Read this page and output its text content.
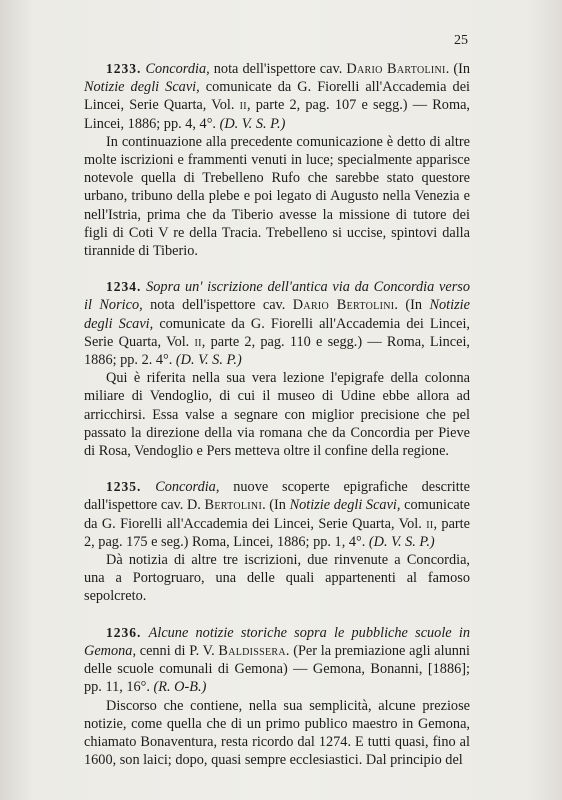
25

1233. Concordia, nota dell'ispettore cav. Dario Bartolini. (In Notizie degli Scavi, comunicate da G. Fiorelli all'Accademia dei Lincei, Serie Quarta, Vol. ii, parte 2, pag. 107 e segg.) — Roma, Lincei, 1886; pp. 4, 4°. (D. V. S. P.)

In continuazione alla precedente comunicazione è detto di altre molte iscrizioni e frammenti venuti in luce; specialmente apparisce notevole quella di Trebelleno Rufo che sarebbe stato questore urbano, tribuno della plebe e poi legato di Augusto nella Venezia e nell'Istria, prima che da Tiberio avesse la missione di tutore dei figli di Coti V re della Tracia. Trebelleno si uccise, spintovi dalla tirannide di Tiberio.

1234. Sopra un' iscrizione dell'antica via da Concordia verso il Norico, nota dell'ispettore cav. Dario Bertolini. (In Notizie degli Scavi, comunicate da G. Fiorelli all'Accademia dei Lincei, Serie Quarta, Vol. ii, parte 2, pag. 110 e segg.) — Roma, Lincei, 1886; pp. 2. 4°. (D. V. S. P.)

Qui è riferita nella sua vera lezione l'epigrafe della colonna miliare di Vendoglio, di cui il museo di Udine ebbe allora ad arricchirsi. Essa valse a segnare con miglior precisione che pel passato la direzione della via romana che da Concordia per Pieve di Rosa, Vendoglio e Pers metteva oltre il confine della regione.

1235. Concordia, nuove scoperte epigrafiche descritte dall'ispettore cav. D. Bertolini. (In Notizie degli Scavi, comunicate da G. Fiorelli all'Accademia dei Lincei, Serie Quarta, Vol. ii, parte 2, pag. 175 e seg.) Roma, Lincei, 1886; pp. 1, 4°. (D. V. S. P.)

Dà notizia di altre tre iscrizioni, due rinvenute a Concordia, una a Portogruaro, una delle quali appartenenti al famoso sepolcreto.

1236. Alcune notizie storiche sopra le pubbliche scuole in Gemona, cenni di P. V. Baldissera. (Per la premiazione agli alunni delle scuole comunali di Gemona) — Gemona, Bonanni, [1886]; pp. 11, 16°. (R. O-B.)

Discorso che contiene, nella sua semplicità, alcune preziose notizie, come quella che di un primo publico maestro in Gemona, chiamato Bonaventura, resta ricordo dal 1274. E tutti quasi, fino al 1600, son laici; dopo, quasi sempre ecclesiastici. Dal principio del
